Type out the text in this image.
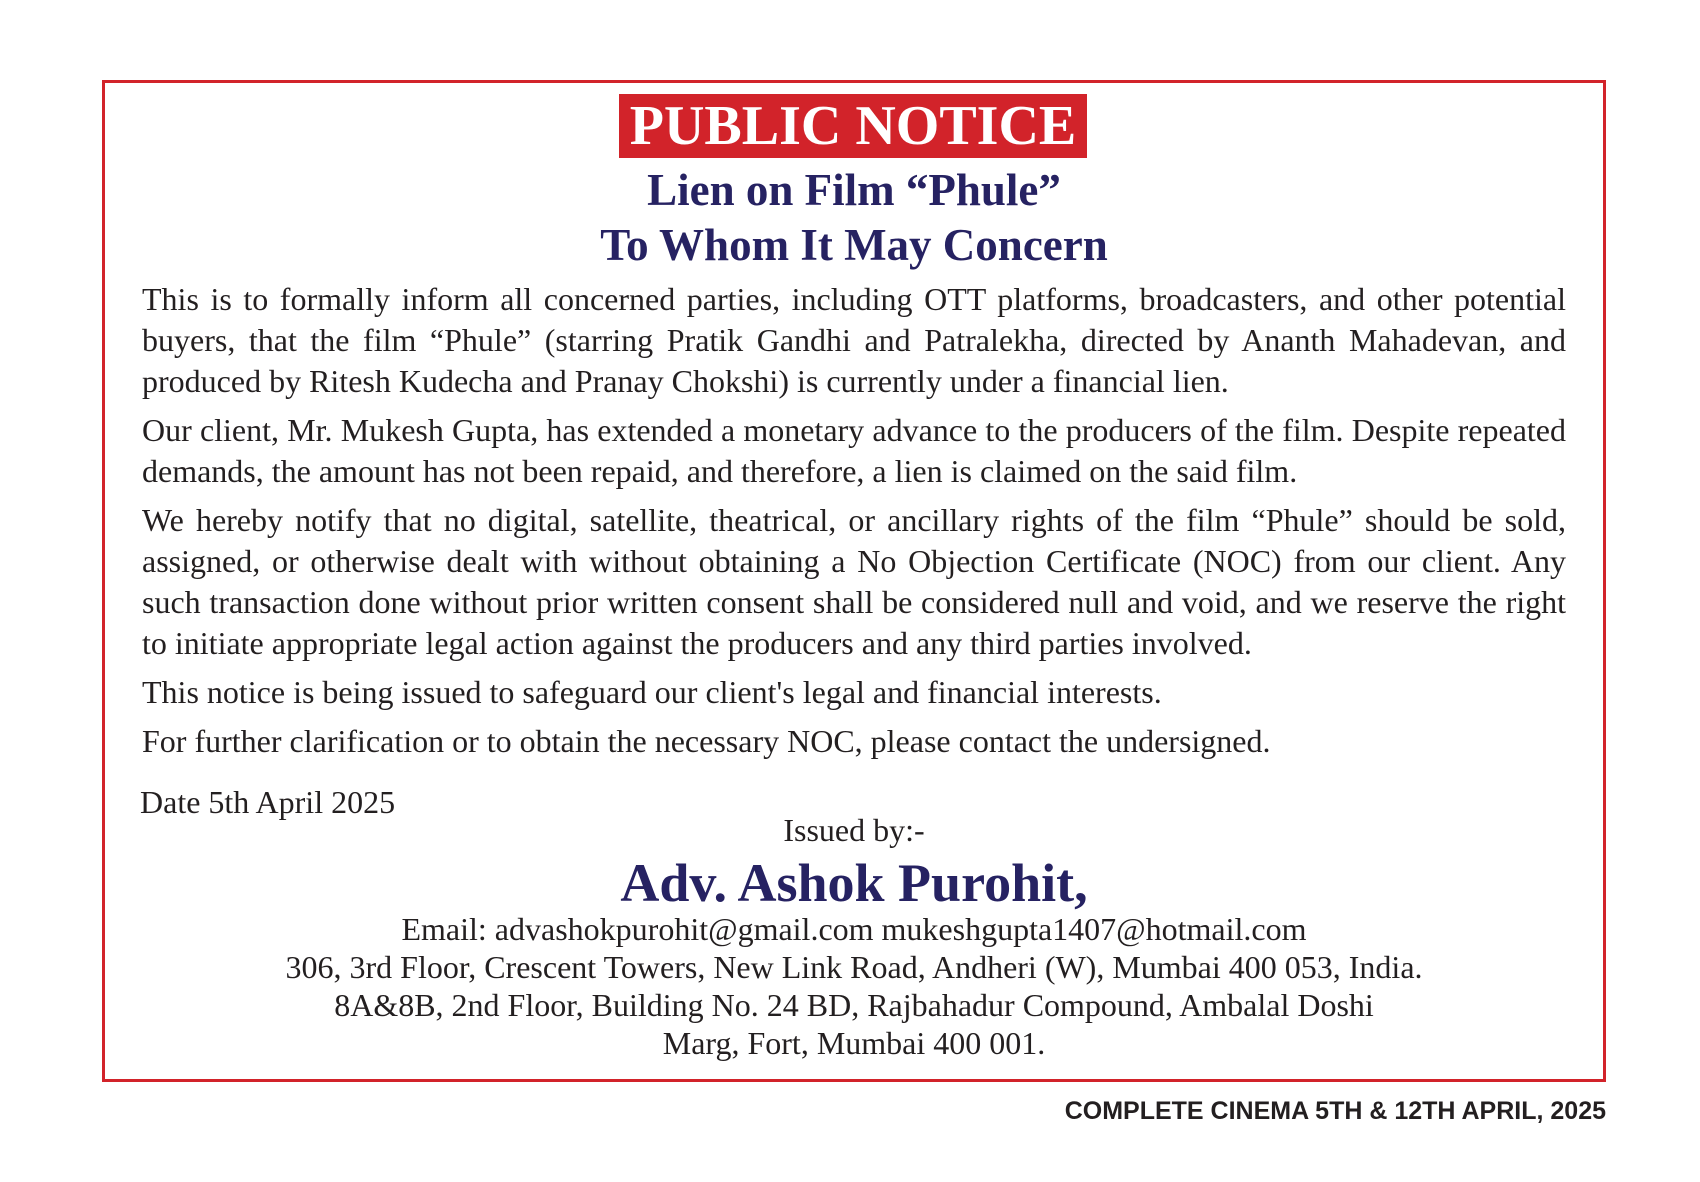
PUBLIC NOTICE
Lien on Film “Phule”
To Whom It May Concern

This is to formally inform all concerned parties, including OTT platforms, broadcasters, and other potential buyers, that the film “Phule” (starring Pratik Gandhi and Patralekha, directed by Ananth Mahadevan, and produced by Ritesh Kudecha and Pranay Chokshi) is currently under a financial lien.

Our client, Mr. Mukesh Gupta, has extended a monetary advance to the producers of the film. Despite repeated demands, the amount has not been repaid, and therefore, a lien is claimed on the said film.

We hereby notify that no digital, satellite, theatrical, or ancillary rights of the film “Phule” should be sold, assigned, or otherwise dealt with without obtaining a No Objection Certificate (NOC) from our client. Any such transaction done without prior written consent shall be considered null and void, and we reserve the right to initiate appropriate legal action against the producers and any third parties involved.

This notice is being issued to safeguard our client's legal and financial interests.

For further clarification or to obtain the necessary NOC, please contact the undersigned.

Date 5th April 2025
Issued by:-
Adv. Ashok Purohit,
Email: advashokpurohit@gmail.com mukeshgupta1407@hotmail.com
306, 3rd Floor, Crescent Towers, New Link Road, Andheri (W), Mumbai 400 053, India.
8A&8B, 2nd Floor, Building No. 24 BD, Rajbahadur Compound, Ambalal Doshi
Marg, Fort, Mumbai 400 001.
COMPLETE CINEMA 5TH & 12TH APRIL, 2025
